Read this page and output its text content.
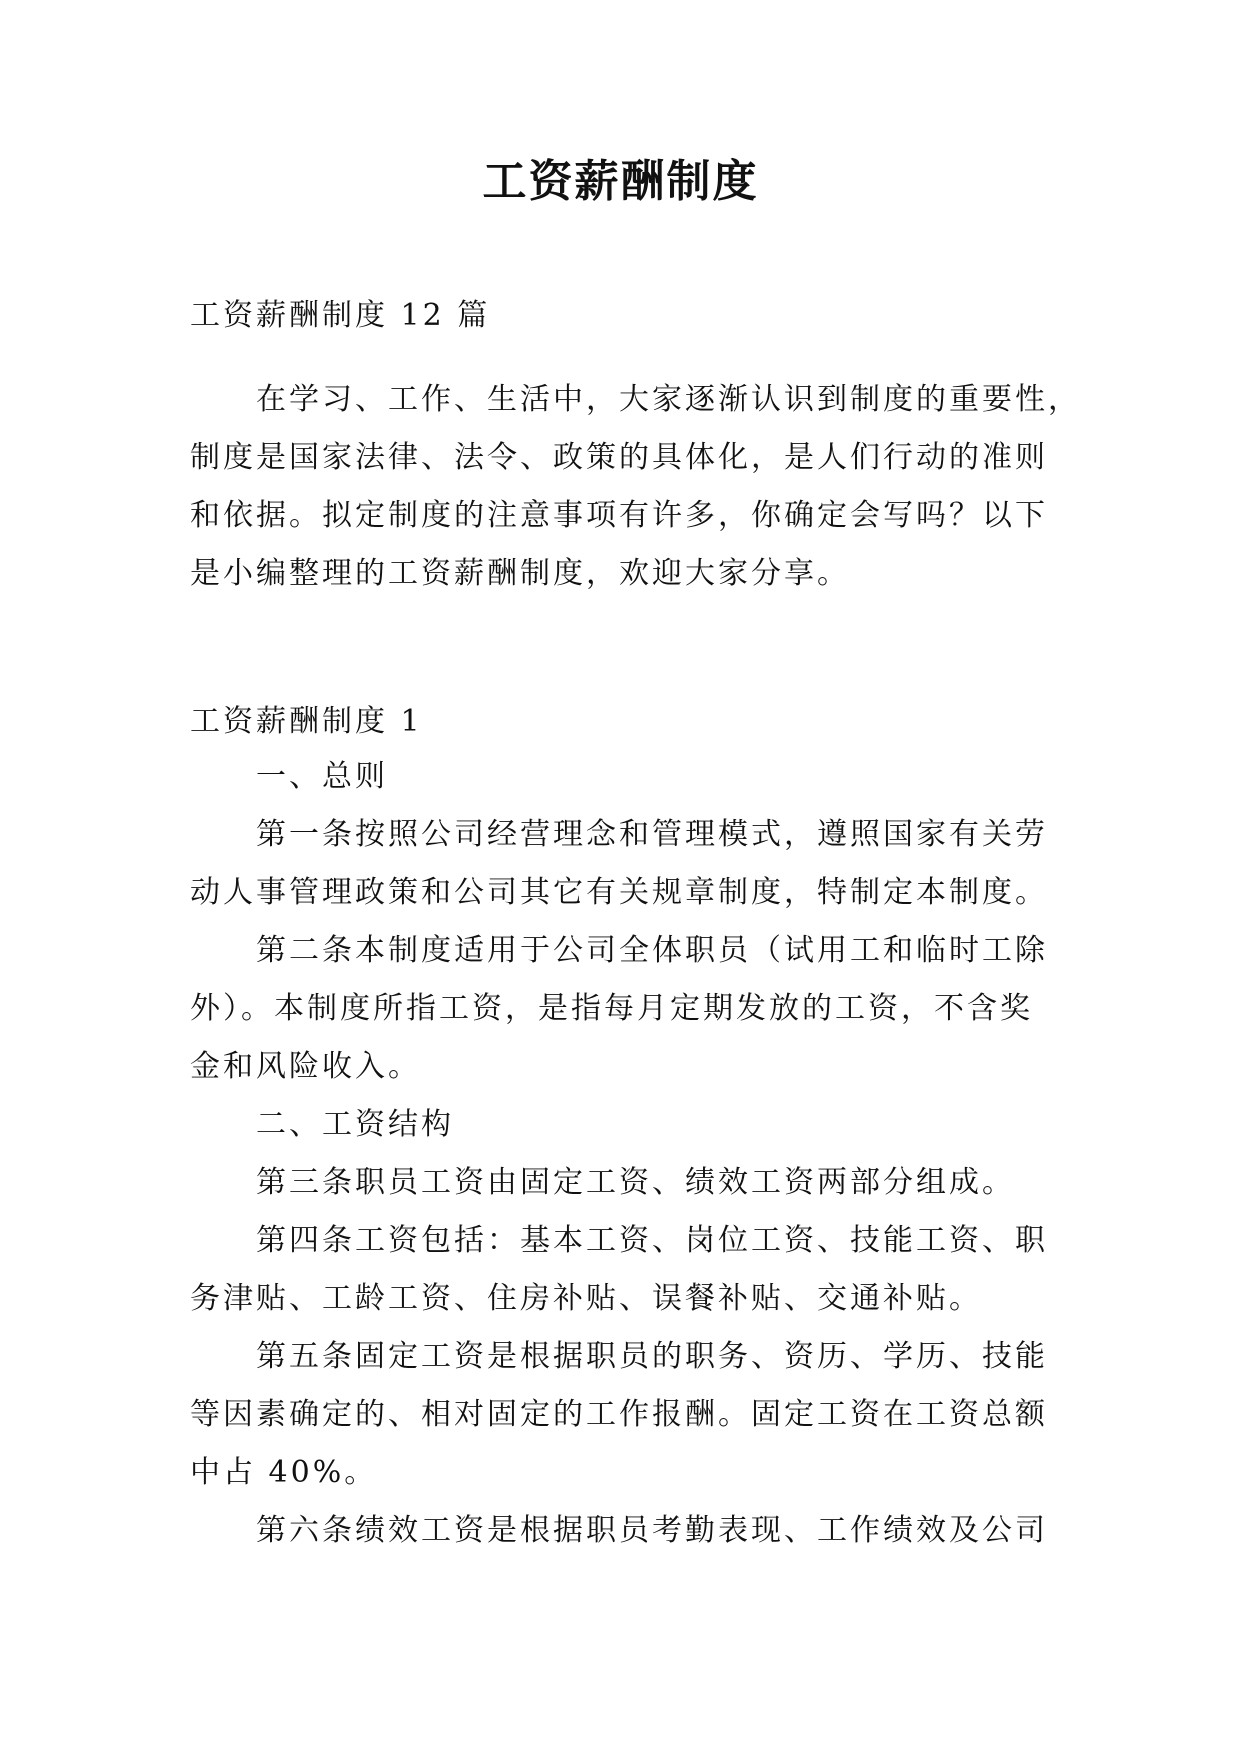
工资薪酬制度
工资薪酬制度 12 篇
在学习、工作、生活中，大家逐渐认识到制度的重要性，
制度是国家法律、法令、政策的具体化，是人们行动的准则
和依据。拟定制度的注意事项有许多，你确定会写吗？以下
是小编整理的工资薪酬制度，欢迎大家分享。
工资薪酬制度 1
一、总则
第一条按照公司经营理念和管理模式，遵照国家有关劳
动人事管理政策和公司其它有关规章制度，特制定本制度。
第二条本制度适用于公司全体职员（试用工和临时工除
外）。本制度所指工资，是指每月定期发放的工资，不含奖
金和风险收入。
二、工资结构
第三条职员工资由固定工资、绩效工资两部分组成。
第四条工资包括：基本工资、岗位工资、技能工资、职
务津贴、工龄工资、住房补贴、误餐补贴、交通补贴。
第五条固定工资是根据职员的职务、资历、学历、技能
等因素确定的、相对固定的工作报酬。固定工资在工资总额
中占 40%。
第六条绩效工资是根据职员考勤表现、工作绩效及公司
